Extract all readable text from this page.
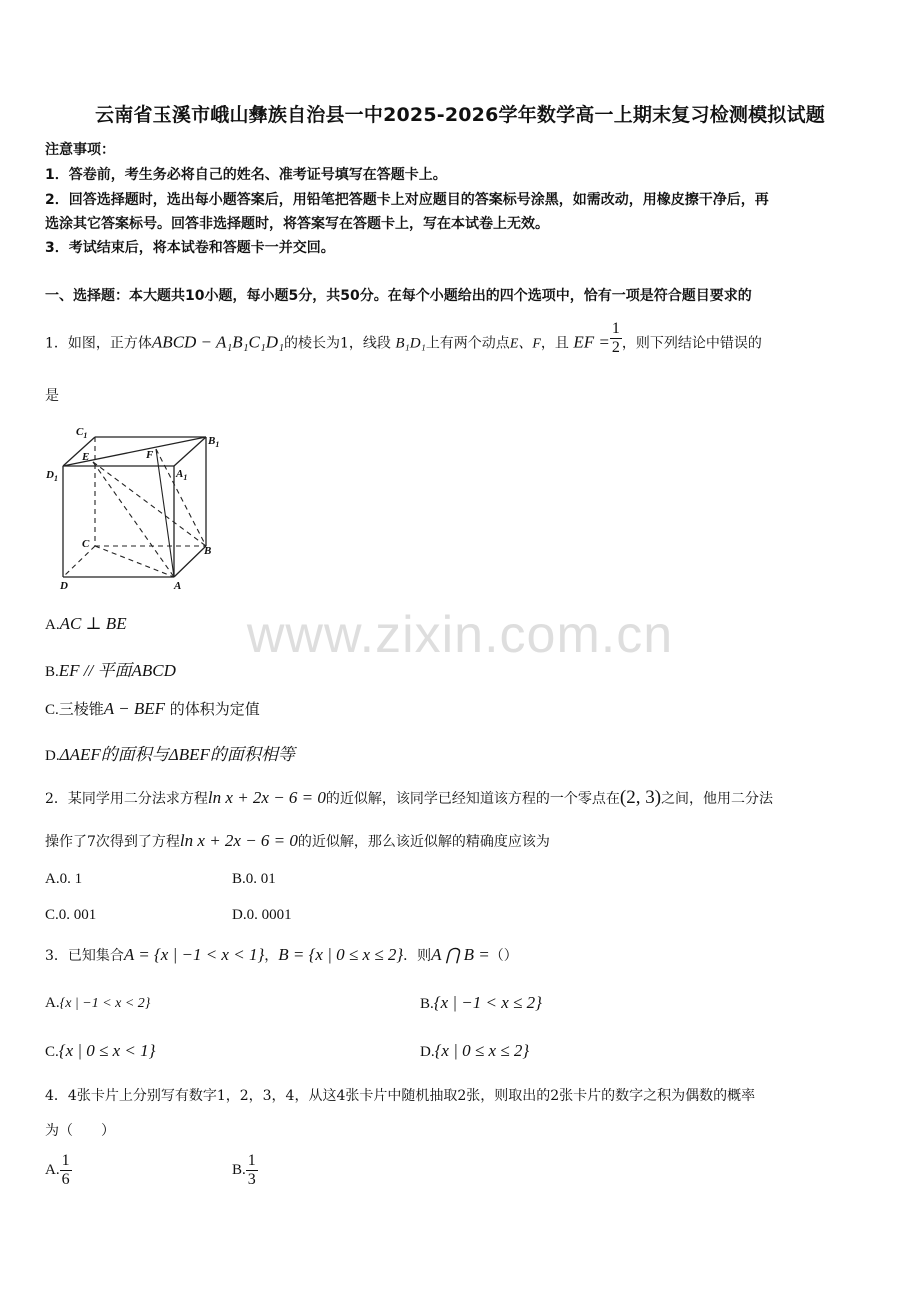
云南省玉溪市峨山彝族自治县一中2025-2026学年数学高一上期末复习检测模拟试题
注意事项：
1．答卷前，考生务必将自己的姓名、准考证号填写在答题卡上。
2．回答选择题时，选出每小题答案后，用铅笔把答题卡上对应题目的答案标号涂黑，如需改动，用橡皮擦干净后，再
选涂其它答案标号。回答非选择题时，将答案写在答题卡上，写在本试卷上无效。
3．考试结束后，将本试卷和答题卡一并交回。
一、选择题：本大题共10小题，每小题5分，共50分。在每个小题给出的四个选项中，恰有一项是符合题目要求的
1．如图，正方体ABCD − A₁B₁C₁D₁的棱长为1，线段 B₁D₁上有两个动点E、F，且 EF = $\frac{1}{2}$ ，则下列结论中错误的
是
$C_1$	$B_1$
$D_1$	$A_1$
E	F
C
B
D	A
A.AC ⊥ BE
B.EF // 平面ABCD
C.三棱锥A − BEF 的体积为定值
D.ΔAEF的面积与ΔBEF的面积相等
www.zixin.com.cn
2．某同学用二分法求方程ln x + 2x − 6 = 0的近似解，该同学已经知道该方程的一个零点在(2, 3)之间，他用二分法
操作了7次得到了方程ln x + 2x − 6 = 0的近似解，那么该近似解的精确度应该为
A.0. 1	B.0. 01
C.0. 001	D.0. 0001
3．已知集合A = {x | −1 < x < 1}，B = {x | 0 ≤ x ≤ 2}．则A ⋂ B =（）
A.{x | −1 < x < 2}	B.{x | −1 < x ≤ 2}
C.{x | 0 ≤ x < 1}	D.{x | 0 ≤ x ≤ 2}
4．4张卡片上分别写有数字1，2，3，4，从这4张卡片中随机抽取2张，则取出的2张卡片的数字之积为偶数的概率
为（　　）
A. $\frac{1}{6}$	B. $\frac{1}{3}$
